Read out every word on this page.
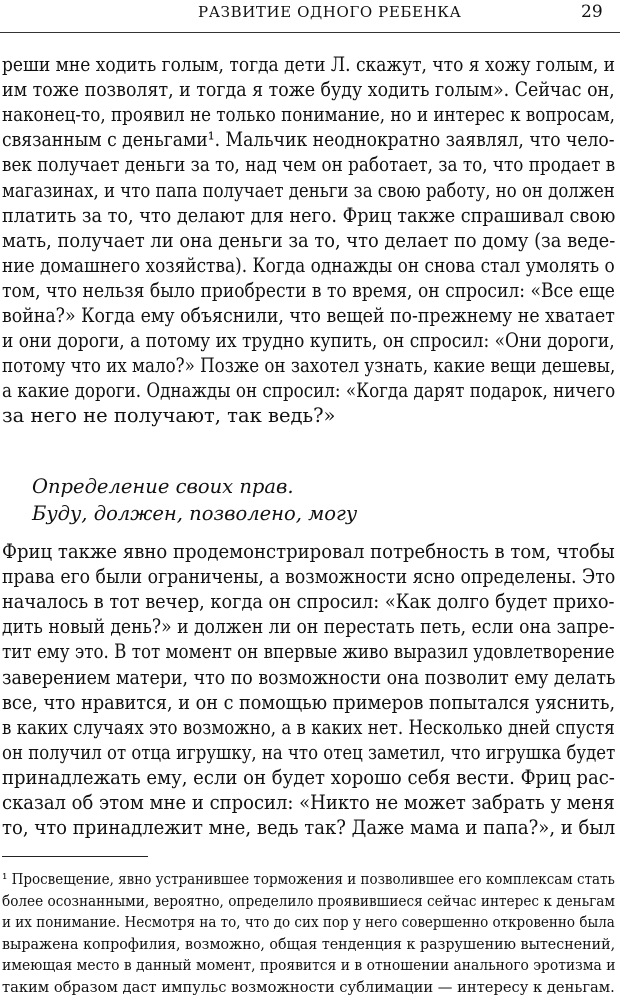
РАЗВИТИЕ ОДНОГО РЕБЕНКА	29
реши мне ходить голым, тогда дети Л. скажут, что я хожу голым, и
им тоже позволят, и тогда я тоже буду ходить голым». Сейчас он,
наконец-то, проявил не только понимание, но и интерес к вопросам,
связанным с деньгами¹. Мальчик неоднократно заявлял, что чело-
век получает деньги за то, над чем он работает, за то, что продает в
магазинах, и что папа получает деньги за свою работу, но он должен
платить за то, что делают для него. Фриц также спрашивал свою
мать, получает ли она деньги за то, что делает по дому (за веде-
ние домашнего хозяйства). Когда однажды он снова стал умолять о
том, что нельзя было приобрести в то время, он спросил: «Все еще
война?» Когда ему объяснили, что вещей по-прежнему не хватает
и они дороги, а потому их трудно купить, он спросил: «Они дороги,
потому что их мало?» Позже он захотел узнать, какие вещи дешевы,
а какие дороги. Однажды он спросил: «Когда дарят подарок, ничего
за него не получают, так ведь?»
Определение своих прав.
Буду, должен, позволено, могу
Фриц также явно продемонстрировал потребность в том, чтобы
права его были ограничены, а возможности ясно определены. Это
началось в тот вечер, когда он спросил: «Как долго будет прихо-
дить новый день?» и должен ли он перестать петь, если она запре-
тит ему это. В тот момент он впервые живо выразил удовлетворение
заверением матери, что по возможности она позволит ему делать
все, что нравится, и он с помощью примеров попытался уяснить,
в каких случаях это возможно, а в каких нет. Несколько дней спустя
он получил от отца игрушку, на что отец заметил, что игрушка будет
принадлежать ему, если он будет хорошо себя вести. Фриц рас-
сказал об этом мне и спросил: «Никто не может забрать у меня
то, что принадлежит мне, ведь так? Даже мама и папа?», и был
¹ Просвещение, явно устранившее торможения и позволившее его комплексам стать
более осознанными, вероятно, определило проявившиеся сейчас интерес к деньгам
и их понимание. Несмотря на то, что до сих пор у него совершенно откровенно была
выражена копрофилия, возможно, общая тенденция к разрушению вытеснений,
имеющая место в данный момент, проявится и в отношении анального эротизма и
таким образом даст импульс возможности сублимации — интересу к деньгам.
